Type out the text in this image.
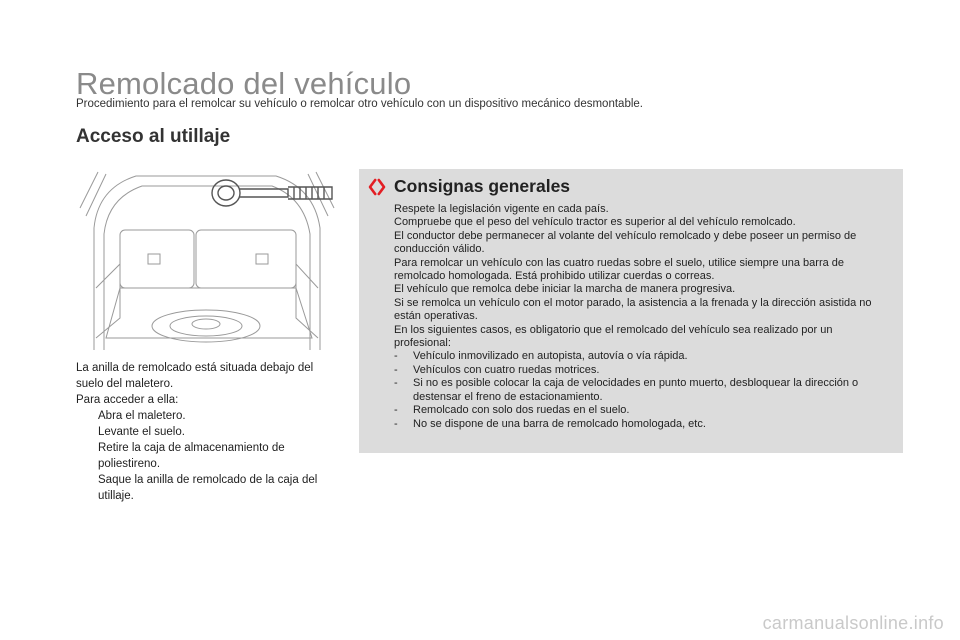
Remolcado del vehículo

Procedimiento para el remolcar su vehículo o remolcar otro vehículo con un dispositivo mecánico desmontable.

Acceso al utillaje

La anilla de remolcado está situada debajo del suelo del maletero.

Para acceder a ella:

Abra el maletero.
Levante el suelo.
Retire la caja de almacenamiento de poliestireno.
Saque la anilla de remolcado de la caja del utillaje.
Consignas generales

Respete la legislación vigente en cada país.

Compruebe que el peso del vehículo tractor es superior al del vehículo remolcado.

El conductor debe permanecer al volante del vehículo remolcado y debe poseer un permiso de conducción válido.

Para remolcar un vehículo con las cuatro ruedas sobre el suelo, utilice siempre una barra de remolcado homologada. Está prohibido utilizar cuerdas o correas.

El vehículo que remolca debe iniciar la marcha de manera progresiva.

Si se remolca un vehículo con el motor parado, la asistencia a la frenada y la dirección asistida no están operativas.

En los siguientes casos, es obligatorio que el remolcado del vehículo sea realizado por un profesional:

- Vehículo inmovilizado en autopista, autovía o vía rápida.
- Vehículos con cuatro ruedas motrices.
- Si no es posible colocar la caja de velocidades en punto muerto, desbloquear la dirección o destensar el freno de estacionamiento.
- Remolcado con solo dos ruedas en el suelo.
- No se dispone de una barra de remolcado homologada, etc.
carmanualsonline.info
